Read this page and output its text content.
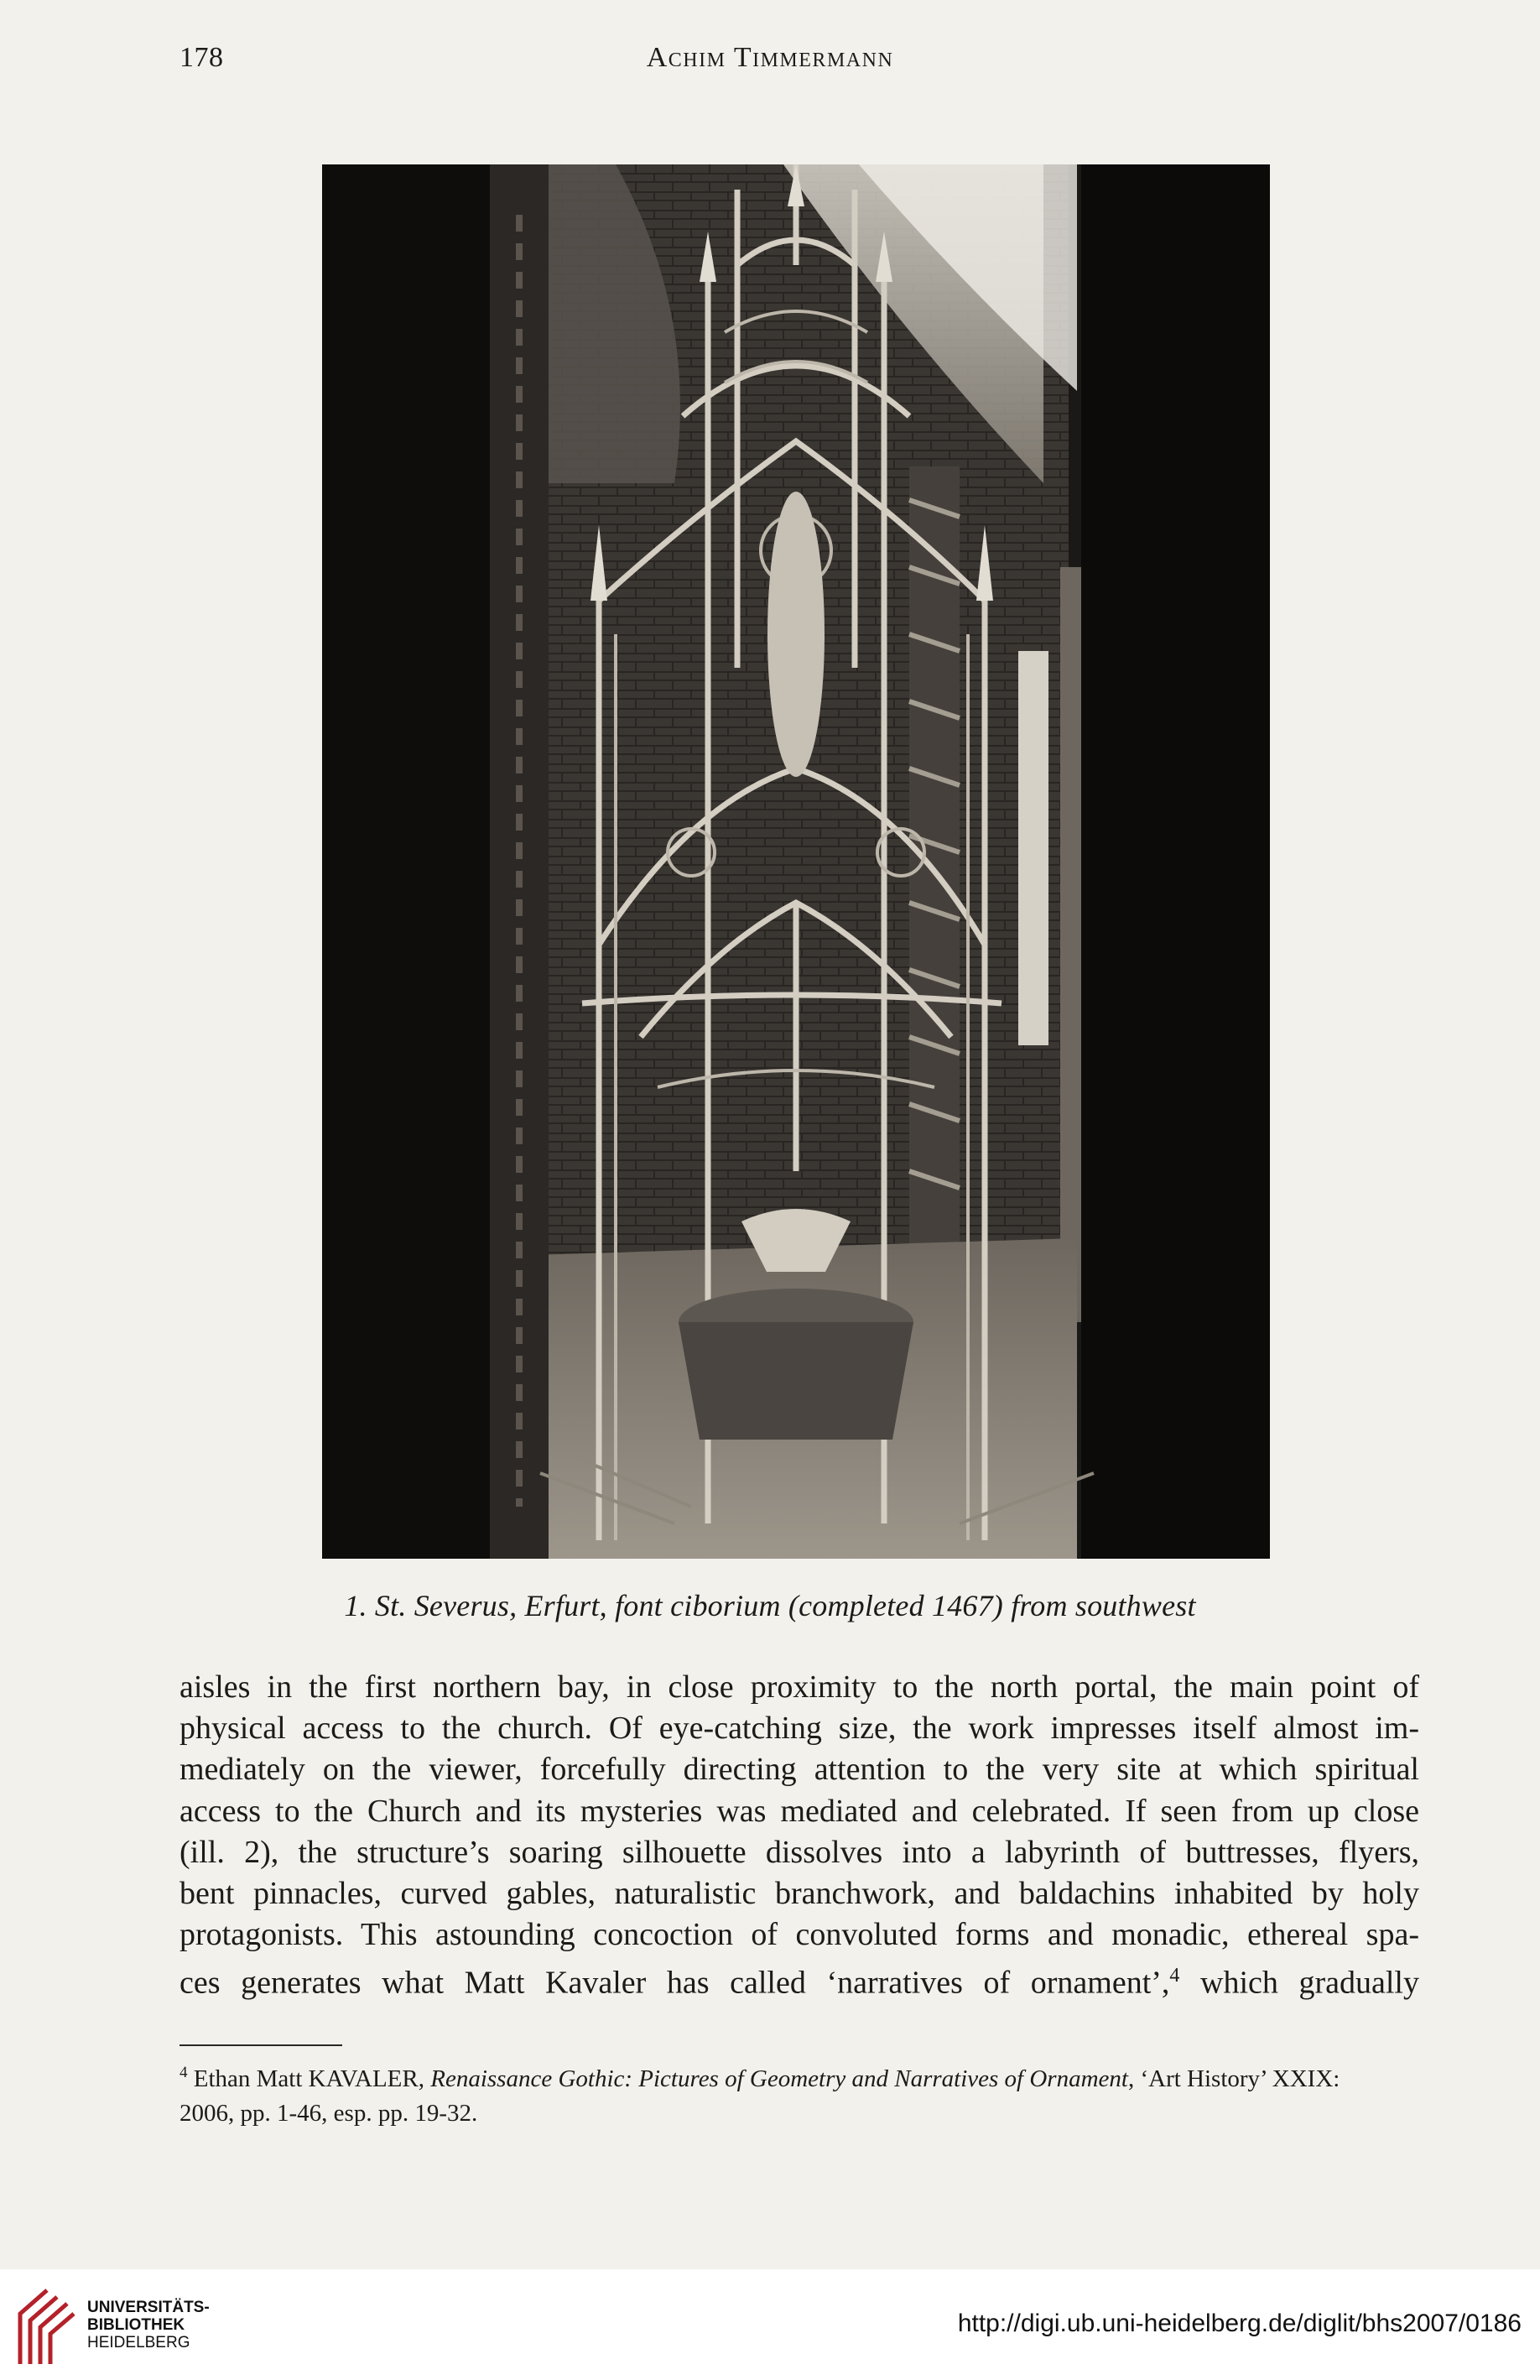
178	Achim Timmermann
1. St. Severus, Erfurt, font ciborium (completed 1467) from southwest
aisles in the first northern bay, in close proximity to the north portal, the main point of
physical access to the church. Of eye-catching size, the work impresses itself almost im-
mediately on the viewer, forcefully directing attention to the very site at which spiritual
access to the Church and its mysteries was mediated and celebrated. If seen from up close
(ill. 2), the structure’s soaring silhouette dissolves into a labyrinth of buttresses, flyers,
bent pinnacles, curved gables, naturalistic branchwork, and baldachins inhabited by holy
protagonists. This astounding concoction of convoluted forms and monadic, ethereal spa-
ces generates what Matt Kavaler has called ‘narratives of ornament’,$^4$ which gradually

$^4$ Ethan Matt KAVALER, Renaissance Gothic: Pictures of Geometry and Narratives of Ornament, ‘Art History’ XXIX:
2006, pp. 1-46, esp. pp. 19-32.

UNIVERSITÄTS-
BIBLIOTHEK
HEIDELBERG
http://digi.ub.uni-heidelberg.de/diglit/bhs2007/0186
